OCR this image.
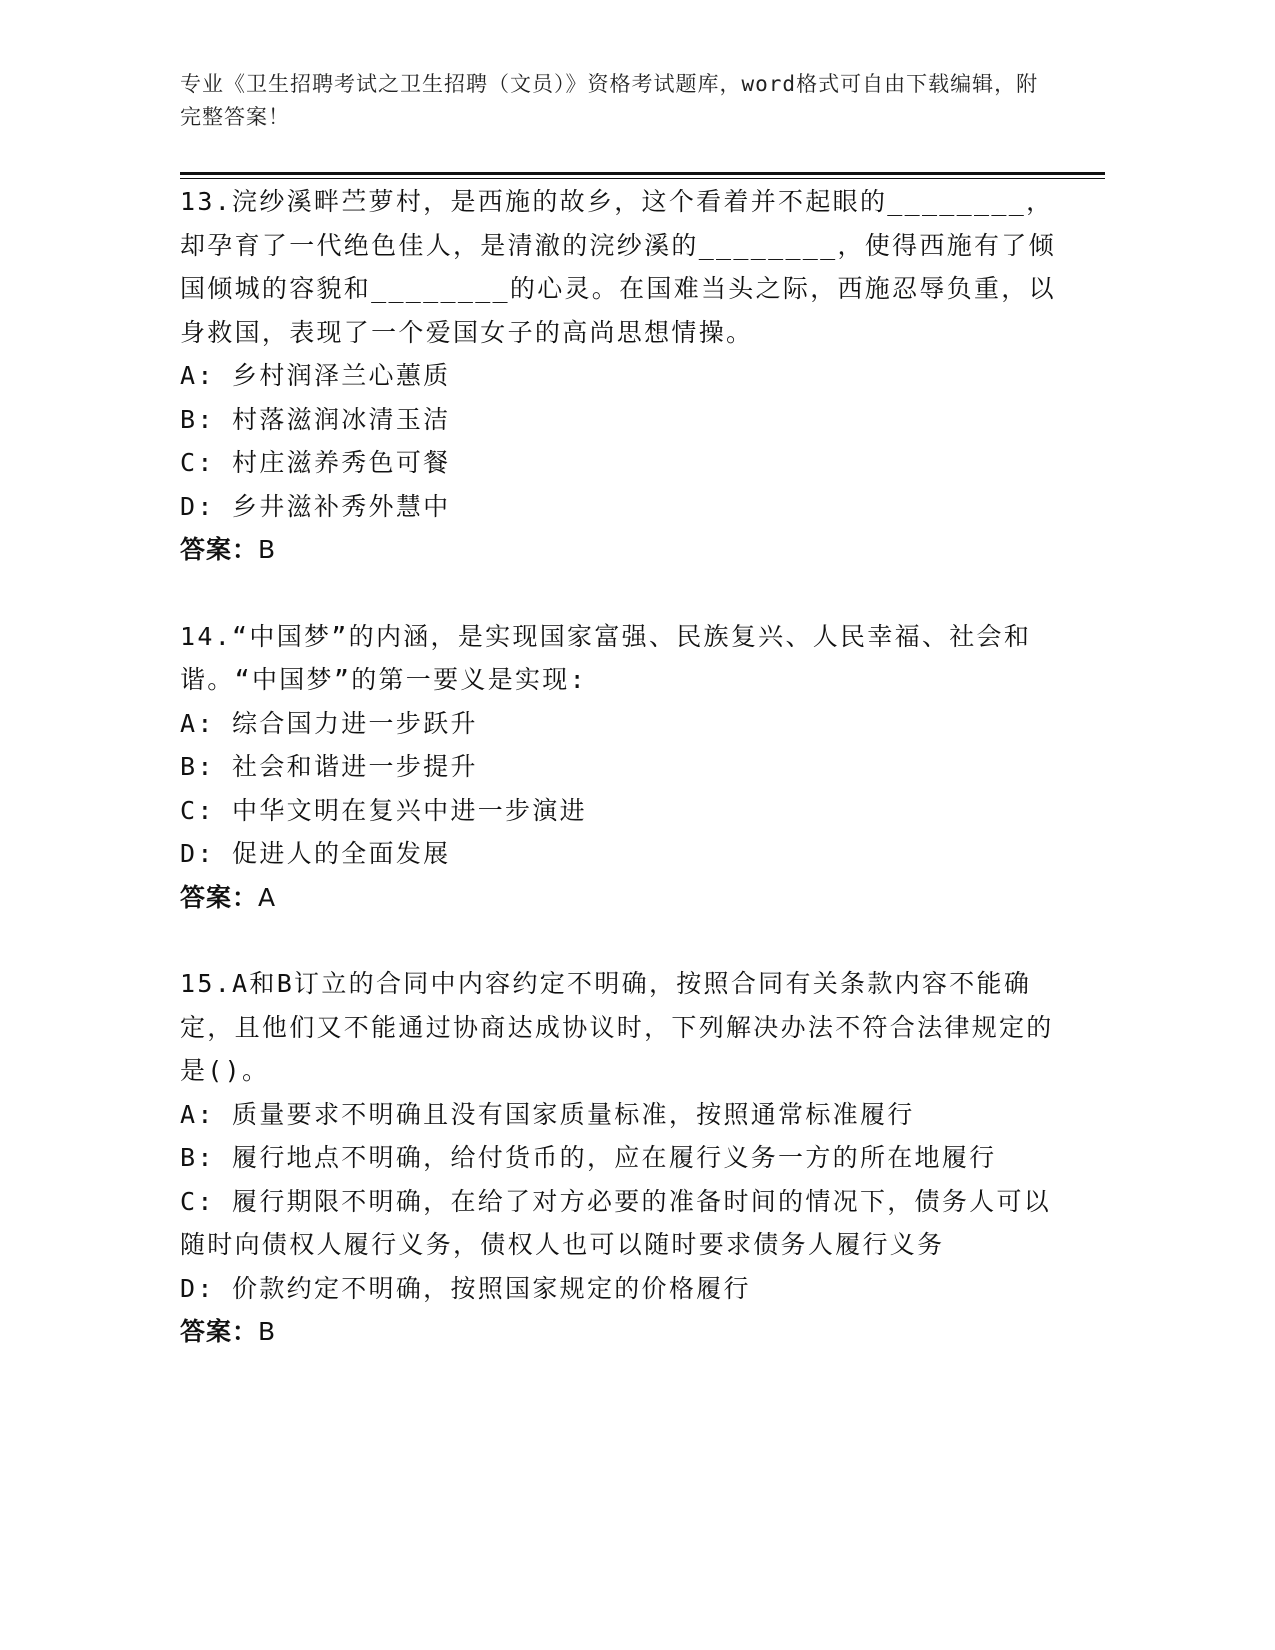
专业《卫生招聘考试之卫生招聘（文员）》资格考试题库，word格式可自由下载编辑，附完整答案！

13.浣纱溪畔苎萝村，是西施的故乡，这个看着并不起眼的________，却孕育了一代绝色佳人，是清澈的浣纱溪的________，使得西施有了倾国倾城的容貌和________的心灵。在国难当头之际，西施忍辱负重，以身救国，表现了一个爱国女子的高尚思想情操。

A: 乡村润泽兰心蕙质

B: 村落滋润冰清玉洁

C: 村庄滋养秀色可餐

D: 乡井滋补秀外慧中

答案：B

14.“中国梦”的内涵，是实现国家富强、民族复兴、人民幸福、社会和谐。“中国梦”的第一要义是实现:

A: 综合国力进一步跃升

B: 社会和谐进一步提升

C: 中华文明在复兴中进一步演进

D: 促进人的全面发展

答案：A

15.A和B订立的合同中内容约定不明确，按照合同有关条款内容不能确定，且他们又不能通过协商达成协议时，下列解决办法不符合法律规定的是()。

A: 质量要求不明确且没有国家质量标准，按照通常标准履行

B: 履行地点不明确，给付货币的，应在履行义务一方的所在地履行

C: 履行期限不明确，在给了对方必要的准备时间的情况下，债务人可以随时向债权人履行义务，债权人也可以随时要求债务人履行义务

D: 价款约定不明确，按照国家规定的价格履行

答案：B
